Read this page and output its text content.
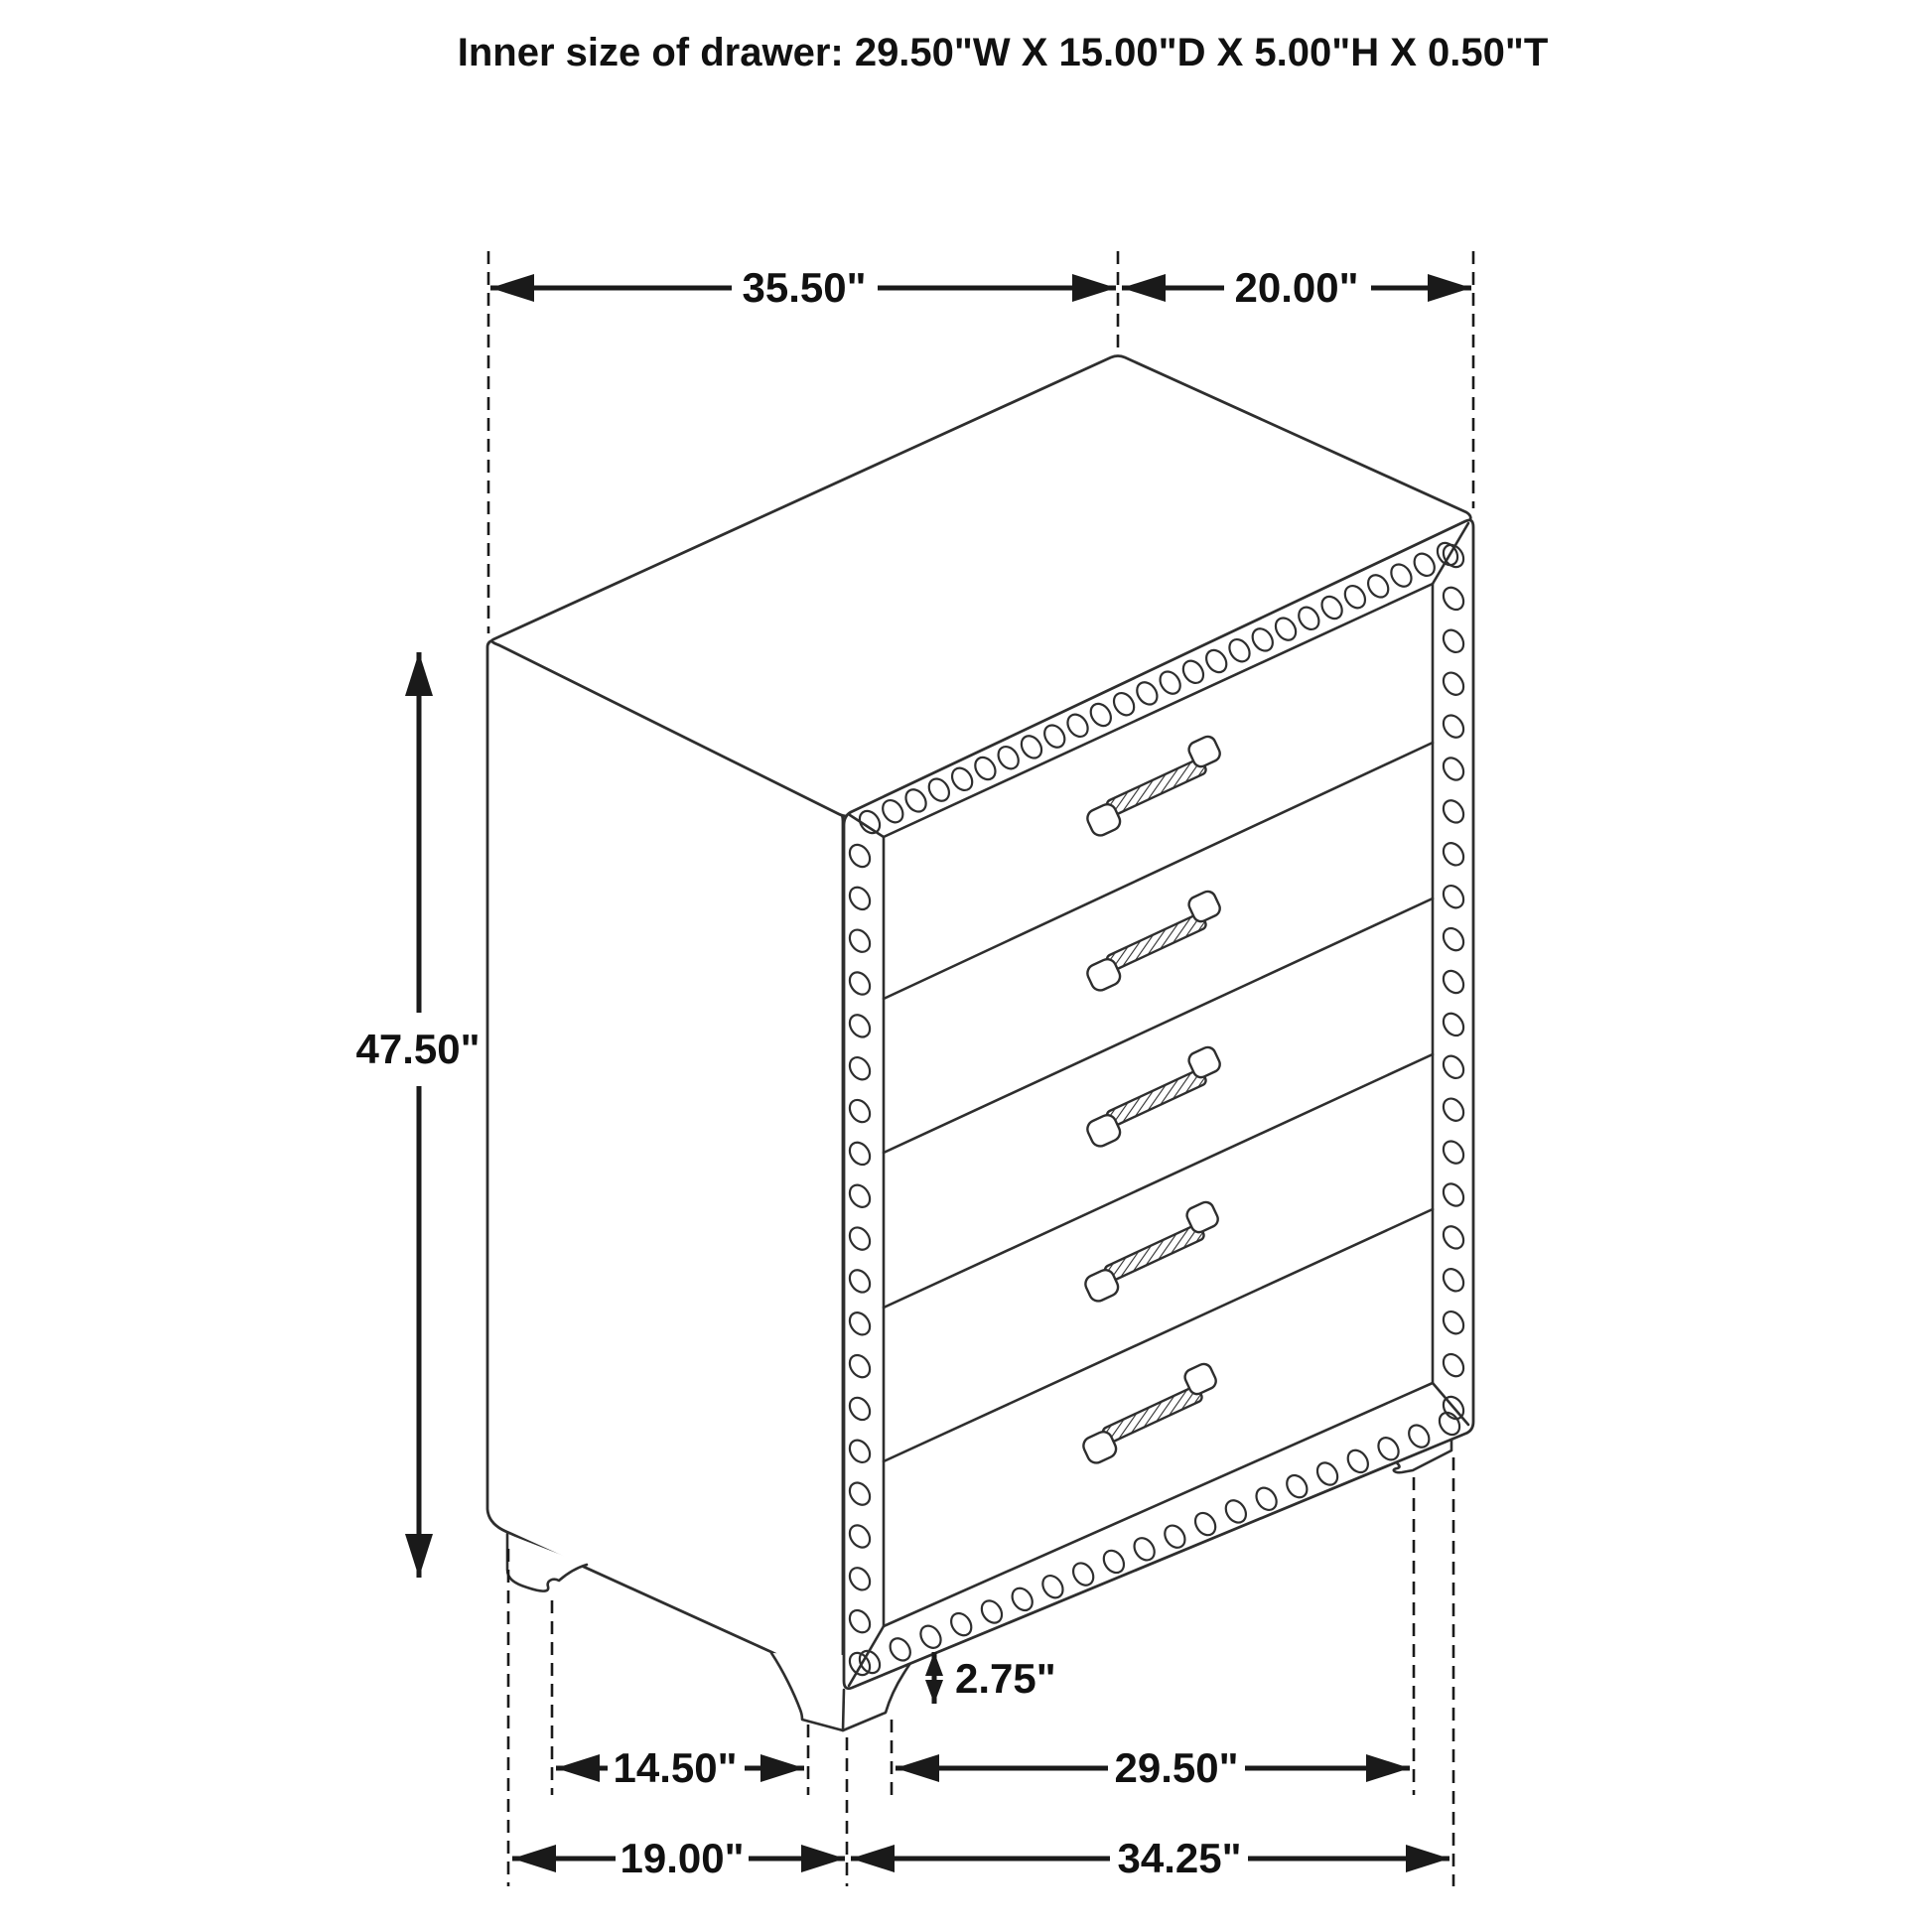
35.50"	20.00"
47.50"
2.75"
14.50"	29.50"
19.00"	34.25"
Inner size of drawer: 29.50"W X 15.00"D X 5.00"H X 0.50"T
